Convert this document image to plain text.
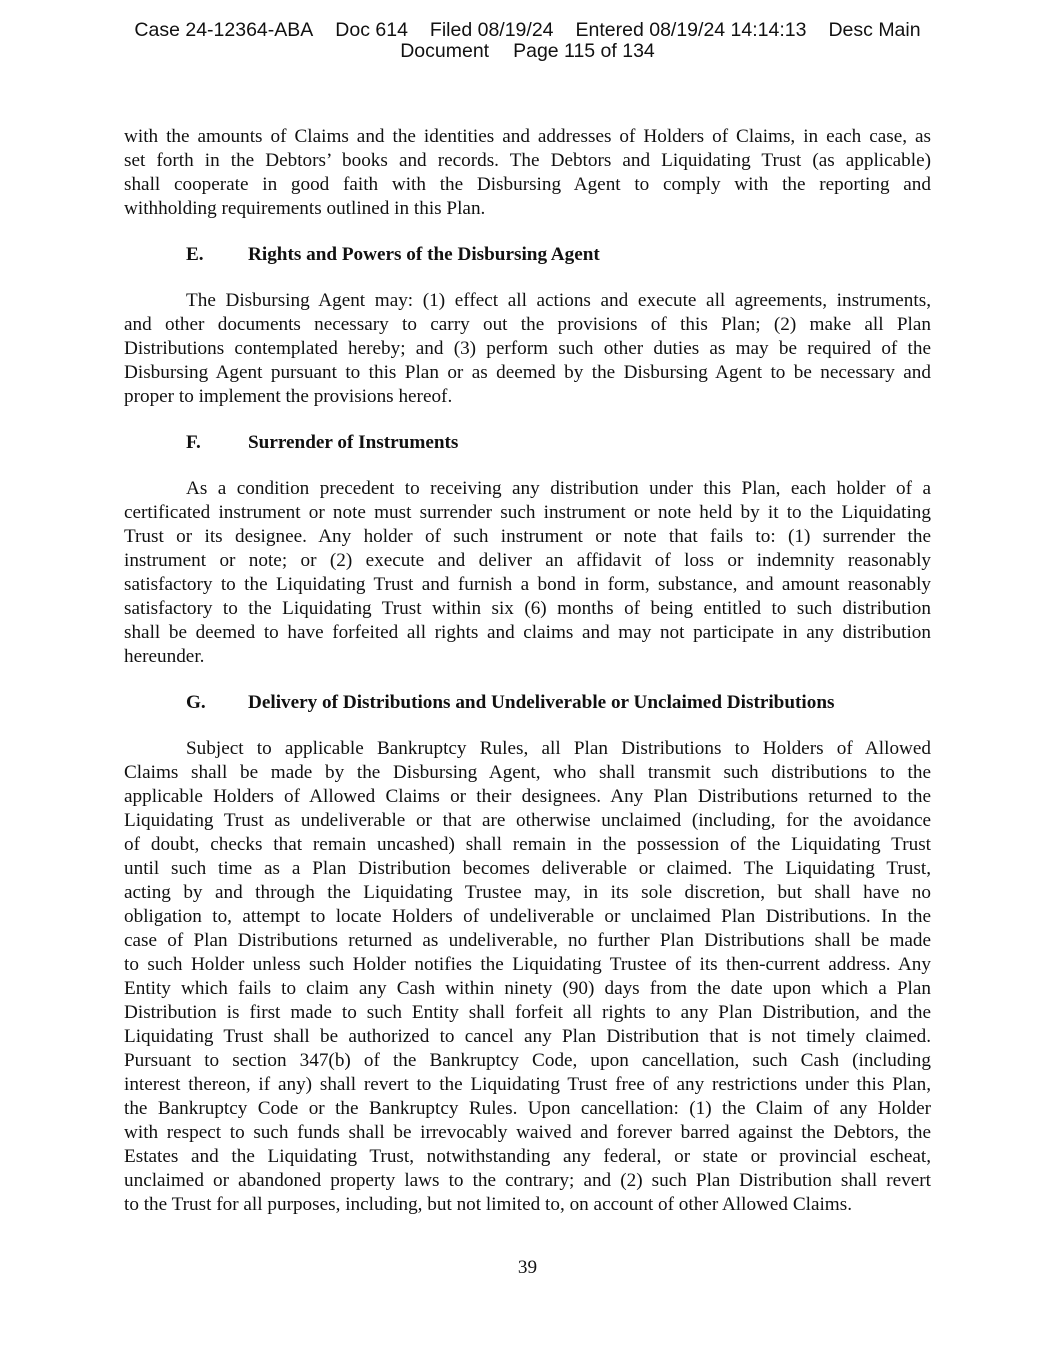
Case 24-12364-ABA Doc 614 Filed 08/19/24 Entered 08/19/24 14:14:13 Desc Main
Document Page 115 of 134
with the amounts of Claims and the identities and addresses of Holders of Claims, in each case, as
set forth in the Debtors’ books and records. The Debtors and Liquidating Trust (as applicable)
shall cooperate in good faith with the Disbursing Agent to comply with the reporting and
withholding requirements outlined in this Plan.
E. Rights and Powers of the Disbursing Agent
The Disbursing Agent may: (1) effect all actions and execute all agreements, instruments,
and other documents necessary to carry out the provisions of this Plan; (2) make all Plan
Distributions contemplated hereby; and (3) perform such other duties as may be required of the
Disbursing Agent pursuant to this Plan or as deemed by the Disbursing Agent to be necessary and
proper to implement the provisions hereof.
F. Surrender of Instruments
As a condition precedent to receiving any distribution under this Plan, each holder of a
certificated instrument or note must surrender such instrument or note held by it to the Liquidating
Trust or its designee. Any holder of such instrument or note that fails to: (1) surrender the
instrument or note; or (2) execute and deliver an affidavit of loss or indemnity reasonably
satisfactory to the Liquidating Trust and furnish a bond in form, substance, and amount reasonably
satisfactory to the Liquidating Trust within six (6) months of being entitled to such distribution
shall be deemed to have forfeited all rights and claims and may not participate in any distribution
hereunder.
G. Delivery of Distributions and Undeliverable or Unclaimed Distributions
Subject to applicable Bankruptcy Rules, all Plan Distributions to Holders of Allowed
Claims shall be made by the Disbursing Agent, who shall transmit such distributions to the
applicable Holders of Allowed Claims or their designees. Any Plan Distributions returned to the
Liquidating Trust as undeliverable or that are otherwise unclaimed (including, for the avoidance
of doubt, checks that remain uncashed) shall remain in the possession of the Liquidating Trust
until such time as a Plan Distribution becomes deliverable or claimed. The Liquidating Trust,
acting by and through the Liquidating Trustee may, in its sole discretion, but shall have no
obligation to, attempt to locate Holders of undeliverable or unclaimed Plan Distributions. In the
case of Plan Distributions returned as undeliverable, no further Plan Distributions shall be made
to such Holder unless such Holder notifies the Liquidating Trustee of its then-current address. Any
Entity which fails to claim any Cash within ninety (90) days from the date upon which a Plan
Distribution is first made to such Entity shall forfeit all rights to any Plan Distribution, and the
Liquidating Trust shall be authorized to cancel any Plan Distribution that is not timely claimed.
Pursuant to section 347(b) of the Bankruptcy Code, upon cancellation, such Cash (including
interest thereon, if any) shall revert to the Liquidating Trust free of any restrictions under this Plan,
the Bankruptcy Code or the Bankruptcy Rules. Upon cancellation: (1) the Claim of any Holder
with respect to such funds shall be irrevocably waived and forever barred against the Debtors, the
Estates and the Liquidating Trust, notwithstanding any federal, or state or provincial escheat,
unclaimed or abandoned property laws to the contrary; and (2) such Plan Distribution shall revert
to the Trust for all purposes, including, but not limited to, on account of other Allowed Claims.
39
